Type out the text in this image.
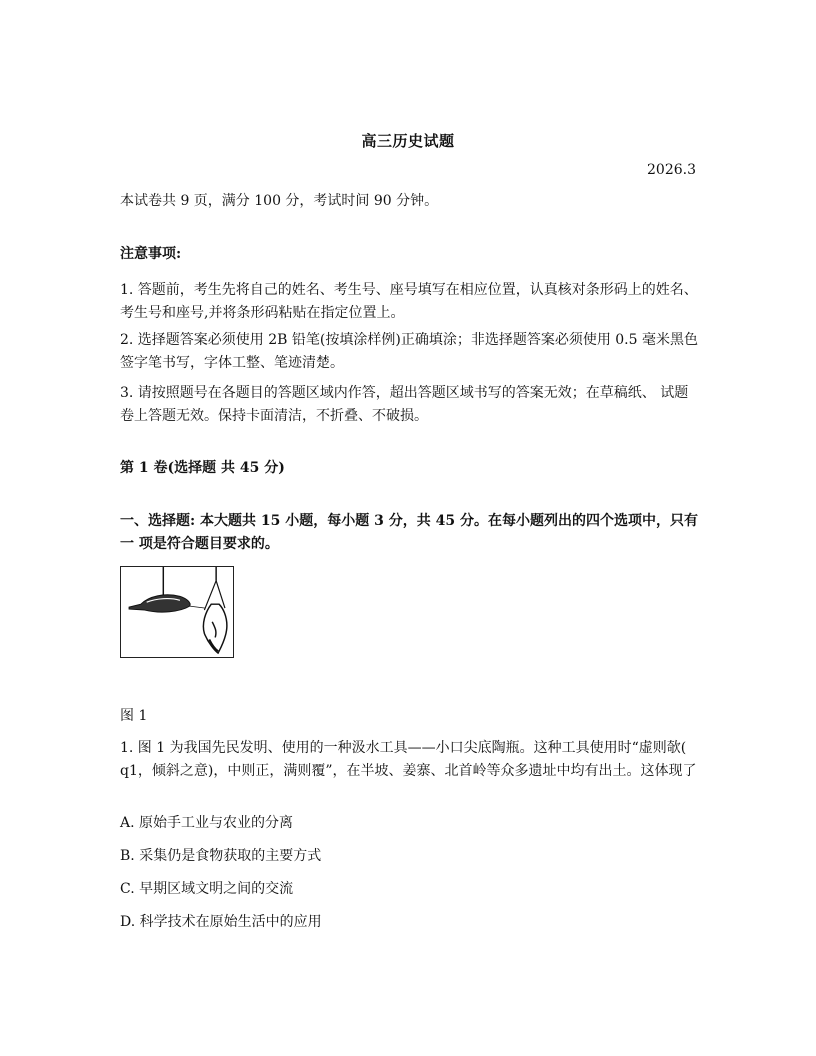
高三历史试题
2026.3
本试卷共 9 页，满分 100 分，考试时间 90 分钟。
注意事项:
1. 答题前，考生先将自己的姓名、考生号、座号填写在相应位置，认真核对条形码上的姓名、考生号和座号,并将条形码粘贴在指定位置上。
2. 选择题答案必须使用 2B 铅笔(按填涂样例)正确填涂；非选择题答案必须使用 0.5 毫米黑色签字笔书写，字体工整、笔迹清楚。
3. 请按照题号在各题目的答题区域内作答，超出答题区域书写的答案无效；在草稿纸、 试题卷上答题无效。保持卡面清洁，不折叠、不破损。
第 1 卷(选择题 共 45 分)
一、选择题: 本大题共 15 小题，每小题 3 分，共 45 分。在每小题列出的四个选项中，只有一 项是符合题目要求的。
图 1
1. 图 1 为我国先民发明、使用的一种汲水工具——小口尖底陶瓶。这种工具使用时“虚则欹( q1，倾斜之意)，中则正，满则覆”，在半坡、姜寨、北首岭等众多遗址中均有出土。这体现了
A. 原始手工业与农业的分离
B. 采集仍是食物获取的主要方式
C. 早期区域文明之间的交流
D. 科学技术在原始生活中的应用
